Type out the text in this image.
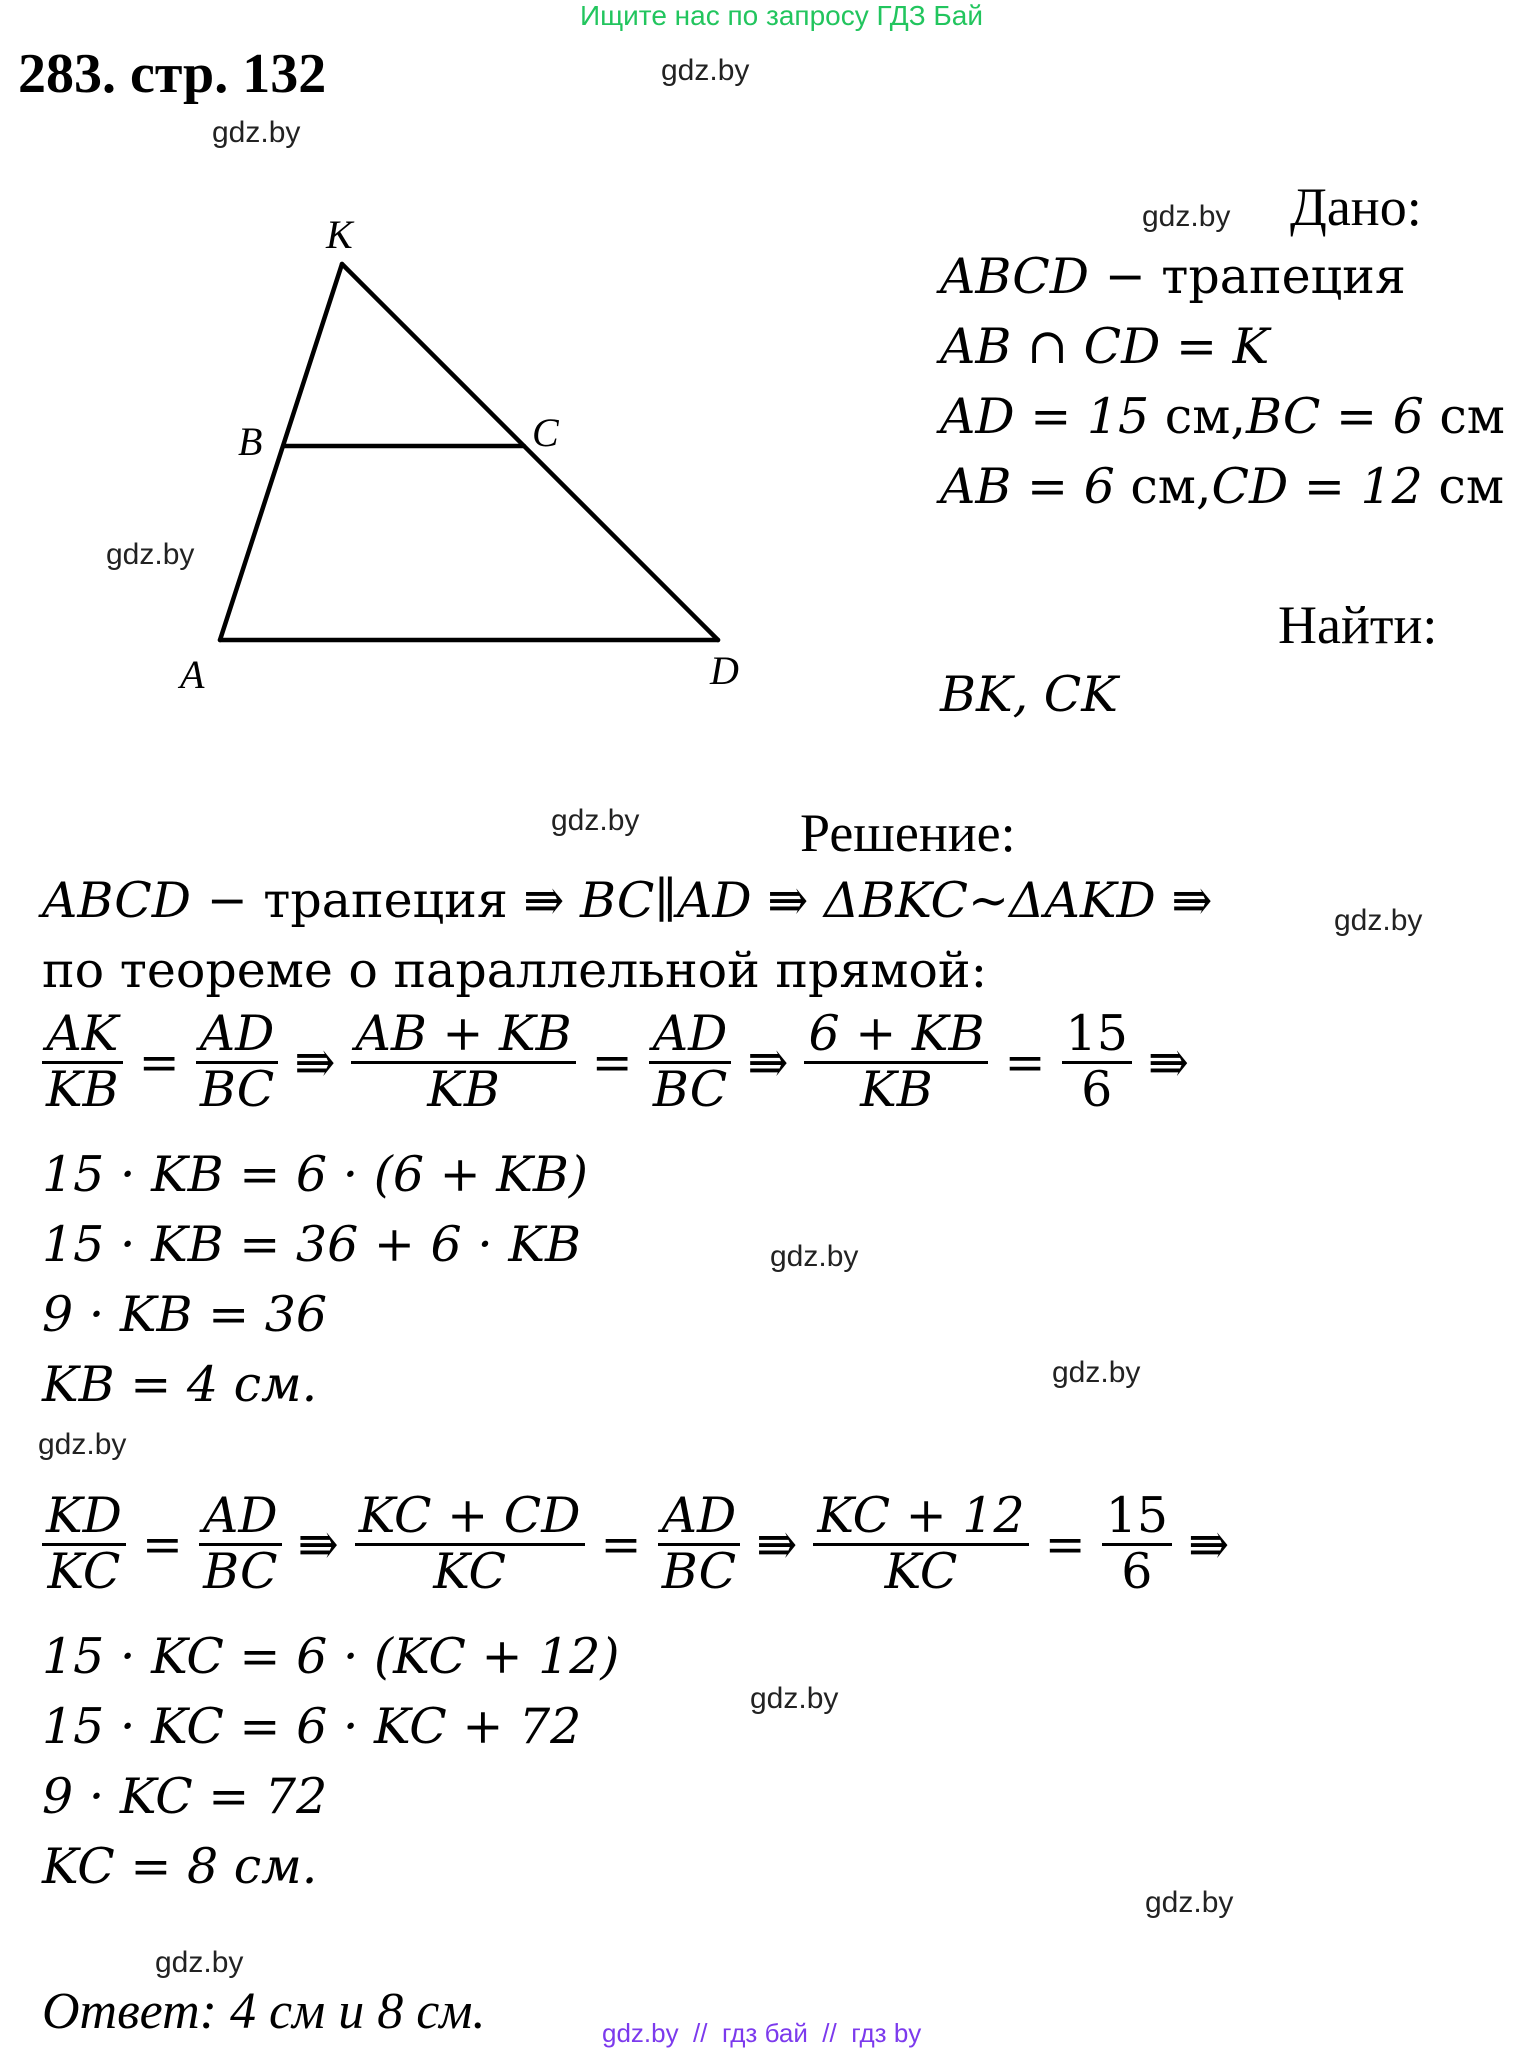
Ищите нас по запросу ГДЗ Бай
283. стр. 132	gdz.by
gdz.by
gdz.by
gdz.by
gdz.by
gdz.by
gdz.by
gdz.by
gdz.by
gdz.by
gdz.by
gdz.by
K
B	C
A	D
Дано:
ABCD − трапеция
AB ∩ CD = K
AD = 15 см,BC = 6 см
AB = 6 см,CD = 12 см
Найти:
BK, CK
Решение:
ABCD − трапеция ⇛ BC∥AD ⇛ ΔBKC~ΔAKD ⇛
по теореме о параллельной прямой:
$\frac{AK}{KB} = \frac{AD}{BC}$ ⇛ $\frac{AB + KB}{KB} = \frac{AD}{BC}$ ⇛ $\frac{6 + KB}{KB} = \frac{15}{6}$ ⇛
15 · KB = 6 · (6 + KB)
15 · KB = 36 + 6 · KB
9 · KB = 36
KB = 4 см.
$\frac{KD}{KC} = \frac{AD}{BC}$ ⇛ $\frac{KC + CD}{KC} = \frac{AD}{BC}$ ⇛ $\frac{KC + 12}{KC} = \frac{15}{6}$ ⇛
15 · KC = 6 · (KC + 12)
15 · KC = 6 · KC + 72
9 · KC = 72
KC = 8 см.
Ответ: 4 см и 8 см.	gdz.by  //  гдз бай  //  гдз by
